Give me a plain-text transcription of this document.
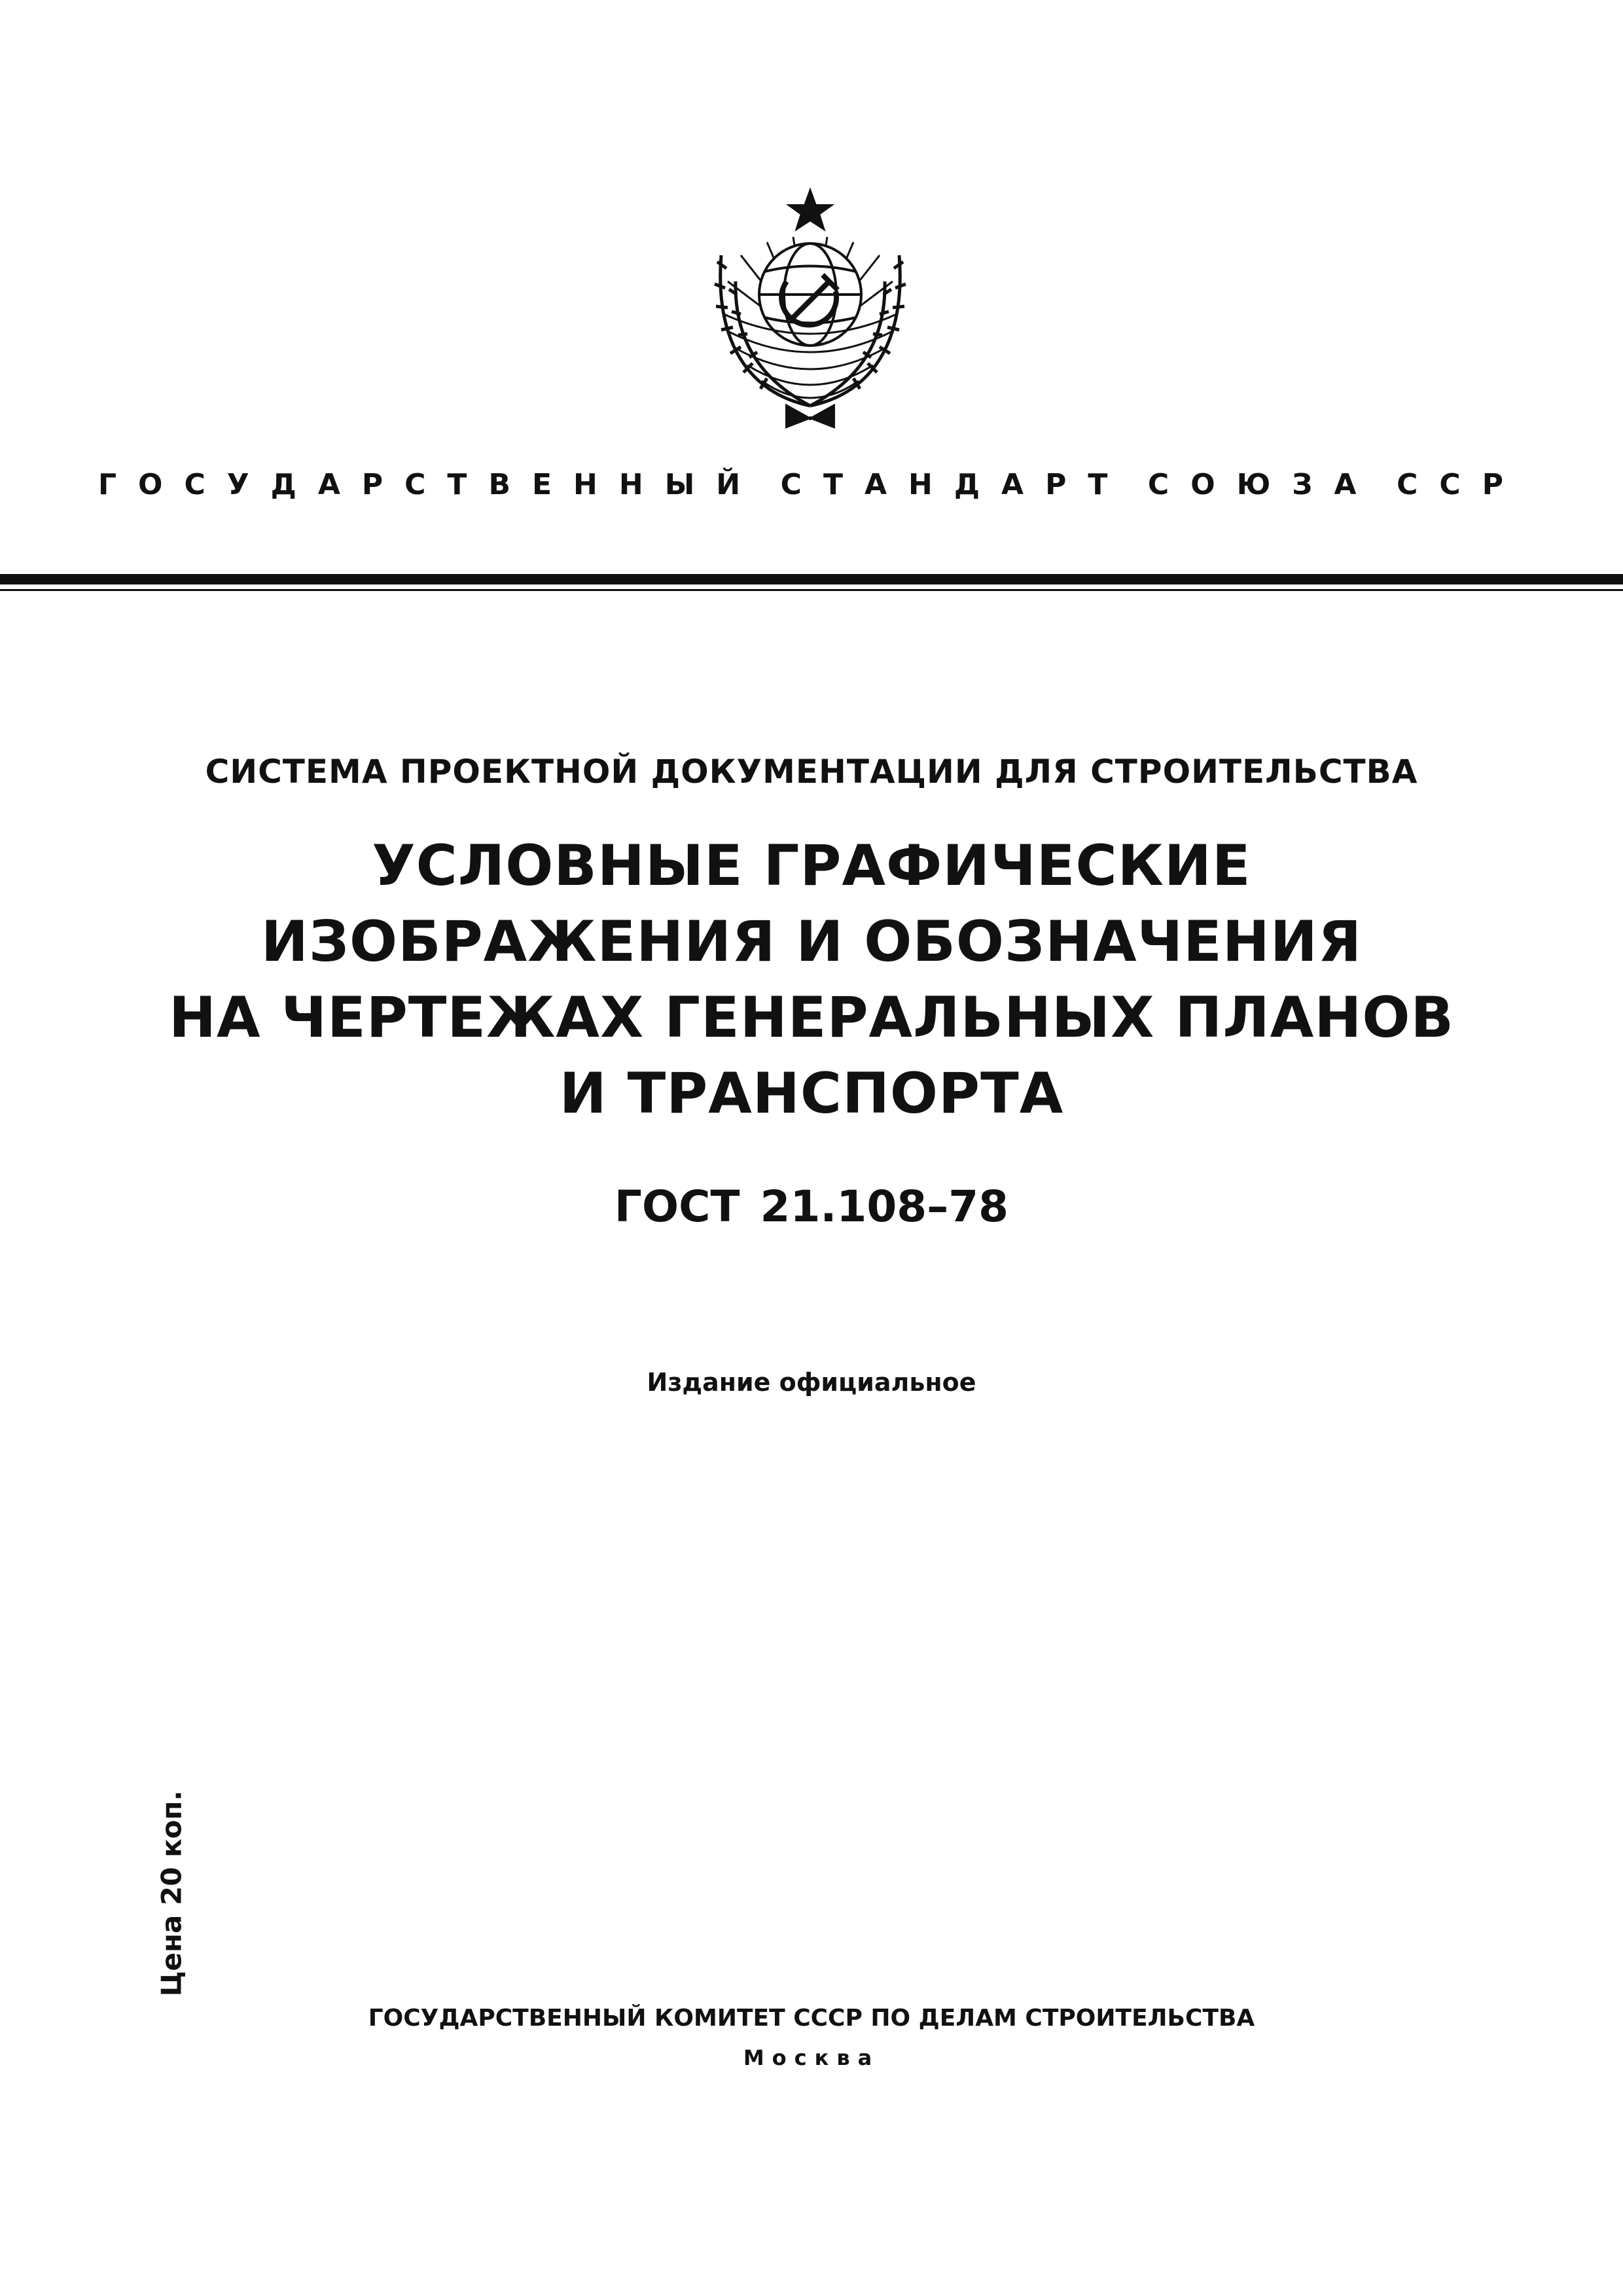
ГОСУДАРСТВЕННЫЙ СТАНДАРТ СОЮЗА ССР
СИСТЕМА ПРОЕКТНОЙ ДОКУМЕНТАЦИИ ДЛЯ СТРОИТЕЛЬСТВА
УСЛОВНЫЕ ГРАФИЧЕСКИЕ
ИЗОБРАЖЕНИЯ И ОБОЗНАЧЕНИЯ
НА ЧЕРТЕЖАХ ГЕНЕРАЛЬНЫХ ПЛАНОВ
И ТРАНСПОРТА
ГОСТ 21.108–78
Издание официальное
Цена 20 коп.
ГОСУДАРСТВЕННЫЙ КОМИТЕТ СССР ПО ДЕЛАМ СТРОИТЕЛЬСТВА
Москва
